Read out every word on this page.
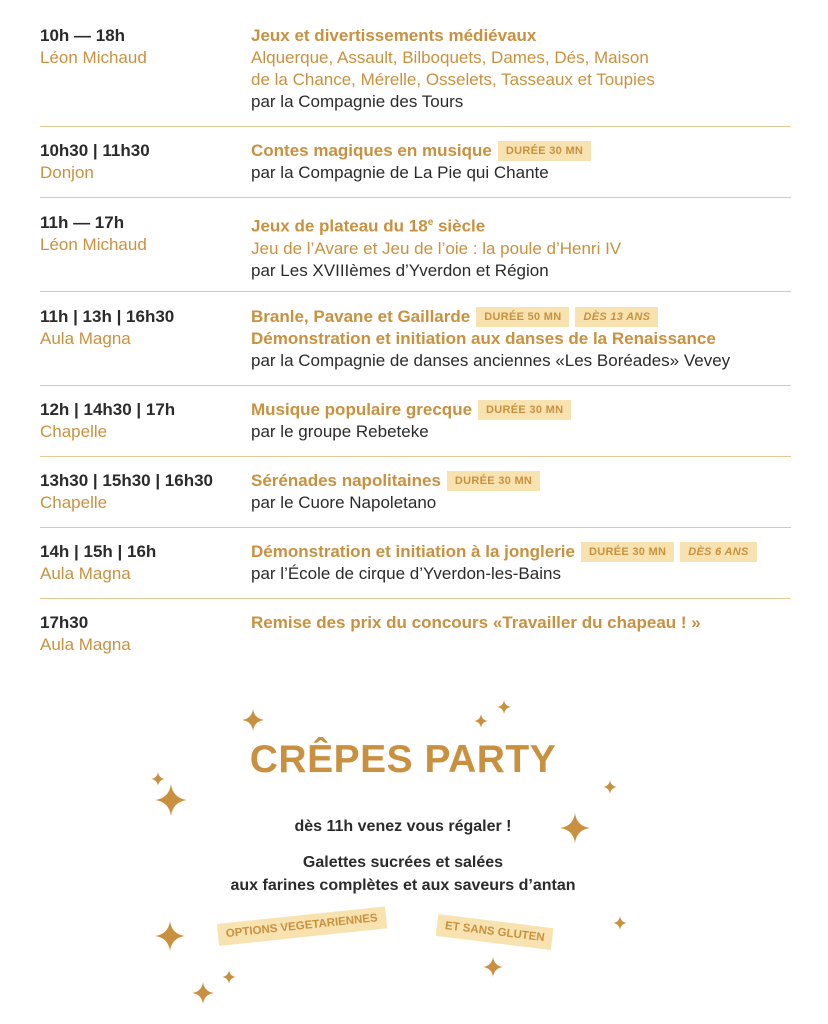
10h — 18h
Léon Michaud
Jeux et divertissements médiévaux
Alquerque, Assault, Bilboquets, Dames, Dés, Maison
de la Chance, Mérelle, Osselets, Tasseaux et Toupies
par la Compagnie des Tours
10h30 | 11h30
Donjon
Contes magiques en musique DURÉE 30 MN
par la Compagnie de La Pie qui Chante
11h — 17h
Léon Michaud
Jeux de plateau du 18e siècle
Jeu de l’Avare et Jeu de l’oie : la poule d’Henri IV
par Les XVIIIèmes d’Yverdon et Région
11h | 13h | 16h30
Aula Magna
Branle, Pavane et Gaillarde DURÉE 50 MN DÈS 13 ANS
Démonstration et initiation aux danses de la Renaissance
par la Compagnie de danses anciennes «Les Boréades» Vevey
12h | 14h30 | 17h
Chapelle
Musique populaire grecque DURÉE 30 MN
par le groupe Rebeteke
13h30 | 15h30 | 16h30
Chapelle
Sérénades napolitaines DURÉE 30 MN
par le Cuore Napoletano
14h | 15h | 16h
Aula Magna
Démonstration et initiation à la jonglerie DURÉE 30 MN DÈS 6 ANS
par l’École de cirque d’Yverdon-les-Bains
17h30
Aula Magna
Remise des prix du concours «Travailler du chapeau ! »
CRÊPES PARTY
dès 11h venez vous régaler !
Galettes sucrées et salées
aux farines complètes et aux saveurs d’antan
OPTIONS VEGETARIENNES	ET SANS GLUTEN
